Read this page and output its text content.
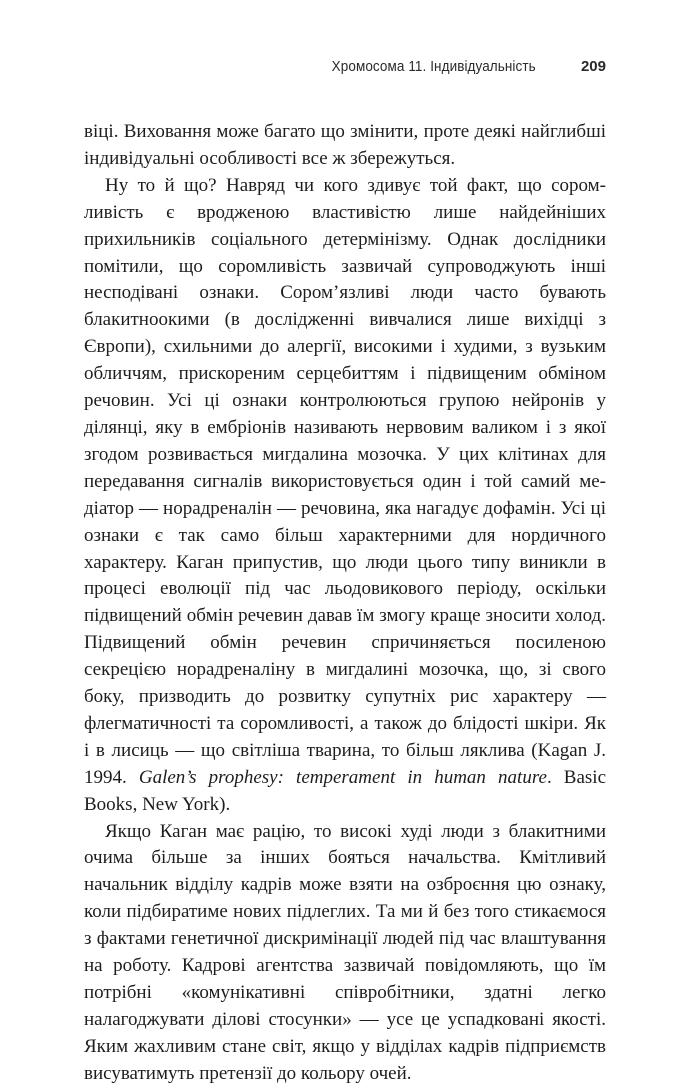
Хромосома 11. Індивідуальність	209

віці. Виховання може багато що змінити, проте деякі найглибші індивідуальні особливості все ж збережуться.

Ну то й що? Навряд чи кого здивує той факт, що соромливість є вродженою властивістю лише найдейніших прихильників соціального детермінізму. Однак дослідники помітили, що соромливість зазвичай супроводжують інші несподівані ознаки. Сором’язливі люди часто бувають блакитноокими (в дослідженні вивчалися лише вихідці з Європи), схильними до алергії, високими і худими, з вузьким обличчям, прискореним серцебиттям і підвищеним обміном речовин. Усі ці ознаки контролюються групою нейронів у ділянці, яку в ембріонів називають нервовим валиком і з якої згодом розвивається мигдалина мозочка. У цих клітинах для передавання сигналів використовується один і той самий медіатор — норадреналін — речовина, яка нагадує дофамін. Усі ці ознаки є так само більш характерними для нордичного характеру. Каган припустив, що люди цього типу виникли в процесі еволюції під час льодовикового періоду, оскільки підвищений обмін речевин давав їм змогу краще зносити холод. Підвищений обмін речевин спричиняється посиленою секрецією норадреналіну в мигдалині мозочка, що, зі свого боку, призводить до розвитку супутніх рис характеру — флегматичності та соромливості, а також до блідості шкіри. Як і в лисиць — що світліша тварина, то більш ляклива (Kagan J. 1994. Galen’s prophesy: temperament in human nature. Basic Books, New York).

Якщо Каган має рацію, то високі худі люди з блакитними очима більше за інших бояться начальства. Кмітливий начальник відділу кадрів може взяти на озброєння цю ознаку, коли підбиратиме нових підлеглих. Та ми й без того стикаємося з фактами генетичної дискримінації людей під час влаштування на роботу. Кадрові агентства зазвичай повідомляють, що їм потрібні «комунікативні співробітники, здатні легко налагоджувати ділові стосунки» — усе це успадковані якості. Яким жахливим стане світ, якщо у відділах кадрів підприємств висуватимуть претензії до кольору очей.
